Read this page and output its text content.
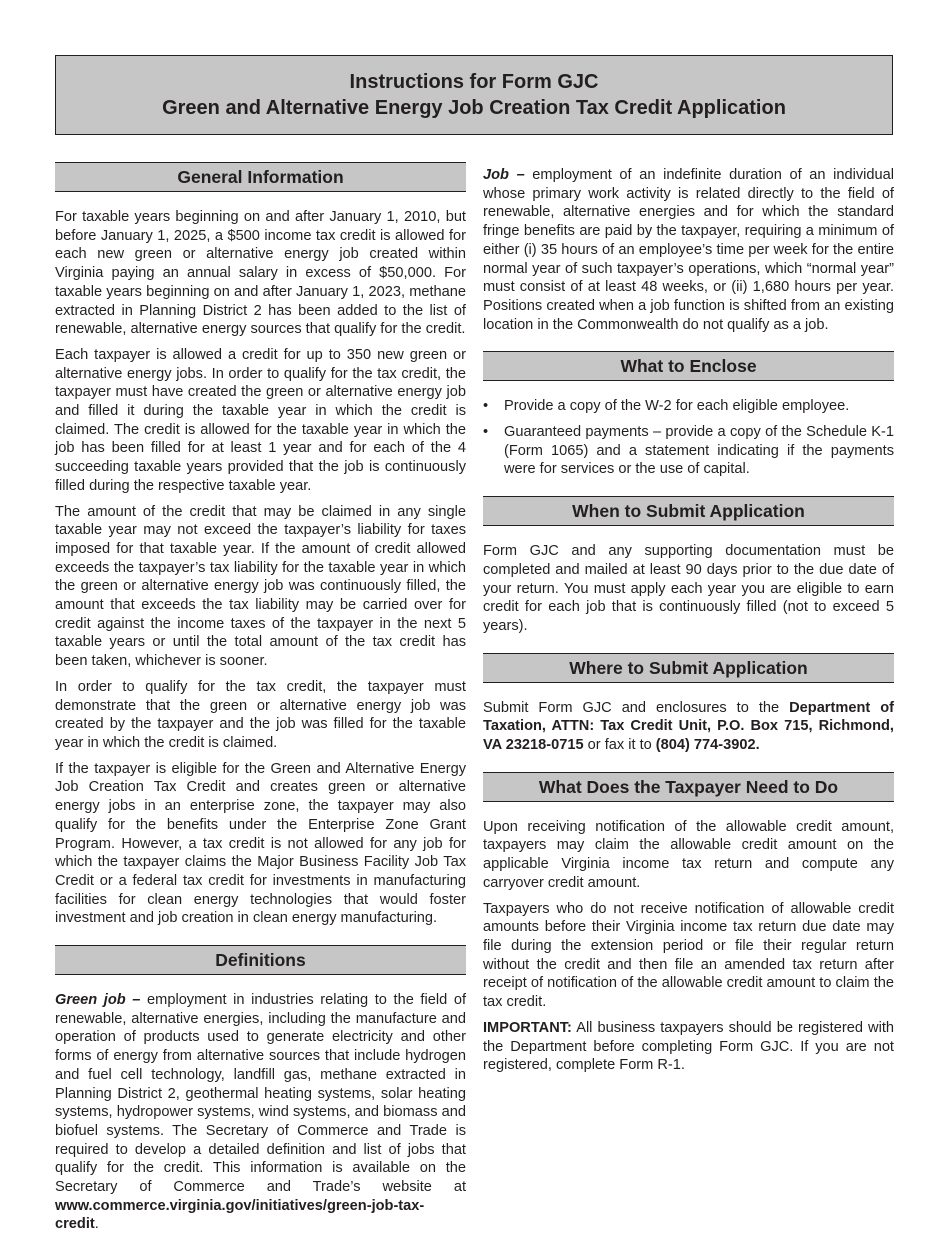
Instructions for Form GJC
Green and Alternative Energy Job Creation Tax Credit Application
General Information

For taxable years beginning on and after January 1, 2010, but before January 1, 2025, a $500 income tax credit is allowed for each new green or alternative energy job created within Virginia paying an annual salary in excess of $50,000. For taxable years beginning on and after January 1, 2023, methane extracted in Planning District 2 has been added to the list of renewable, alternative energy sources that qualify for the credit.

Each taxpayer is allowed a credit for up to 350 new green or alternative energy jobs. In order to qualify for the tax credit, the taxpayer must have created the green or alternative energy job and filled it during the taxable year in which the credit is claimed. The credit is allowed for the taxable year in which the job has been filled for at least 1 year and for each of the 4 succeeding taxable years provided that the job is continuously filled during the respective taxable year.

The amount of the credit that may be claimed in any single taxable year may not exceed the taxpayer’s liability for taxes imposed for that taxable year. If the amount of credit allowed exceeds the taxpayer’s tax liability for the taxable year in which the green or alternative energy job was continuously filled, the amount that exceeds the tax liability may be carried over for credit against the income taxes of the taxpayer in the next 5 taxable years or until the total amount of the tax credit has been taken, whichever is sooner.

In order to qualify for the tax credit, the taxpayer must demonstrate that the green or alternative energy job was created by the taxpayer and the job was filled for the taxable year in which the credit is claimed.

If the taxpayer is eligible for the Green and Alternative Energy Job Creation Tax Credit and creates green or alternative energy jobs in an enterprise zone, the taxpayer may also qualify for the benefits under the Enterprise Zone Grant Program. However, a tax credit is not allowed for any job for which the taxpayer claims the Major Business Facility Job Tax Credit or a federal tax credit for investments in manufacturing facilities for clean energy technologies that would foster investment and job creation in clean energy manufacturing.

Definitions

Green job – employment in industries relating to the field of renewable, alternative energies, including the manufacture and operation of products used to generate electricity and other forms of energy from alternative sources that include hydrogen and fuel cell technology, landfill gas, methane extracted in Planning District 2, geothermal heating systems, solar heating systems, hydropower systems, wind systems, and biomass and biofuel systems. The Secretary of Commerce and Trade is required to develop a detailed definition and list of jobs that qualify for the credit. This information is available on the Secretary of Commerce and Trade’s website at www.commerce.virginia.gov/initiatives/green-job-tax-credit.

Job – employment of an indefinite duration of an individual whose primary work activity is related directly to the field of renewable, alternative energies and for which the standard fringe benefits are paid by the taxpayer, requiring a minimum of either (i) 35 hours of an employee’s time per week for the entire normal year of such taxpayer’s operations, which “normal year” must consist of at least 48 weeks, or (ii) 1,680 hours per year. Positions created when a job function is shifted from an existing location in the Commonwealth do not qualify as a job.

What to Enclose
• Provide a copy of the W-2 for each eligible employee.
• Guaranteed payments – provide a copy of the Schedule K-1 (Form 1065) and a statement indicating if the payments were for services or the use of capital.
When to Submit Application

Form GJC and any supporting documentation must be completed and mailed at least 90 days prior to the due date of your return. You must apply each year you are eligible to earn credit for each job that is continuously filled (not to exceed 5 years).

Where to Submit Application

Submit Form GJC and enclosures to the Department of Taxation, ATTN: Tax Credit Unit, P.O. Box 715, Richmond, VA 23218-0715 or fax it to (804) 774-3902.

What Does the Taxpayer Need to Do

Upon receiving notification of the allowable credit amount, taxpayers may claim the allowable credit amount on the applicable Virginia income tax return and compute any carryover credit amount.

Taxpayers who do not receive notification of allowable credit amounts before their Virginia income tax return due date may file during the extension period or file their regular return without the credit and then file an amended tax return after receipt of notification of the allowable credit amount to claim the tax credit.

IMPORTANT: All business taxpayers should be registered with the Department before completing Form GJC. If you are not registered, complete Form R-1.
